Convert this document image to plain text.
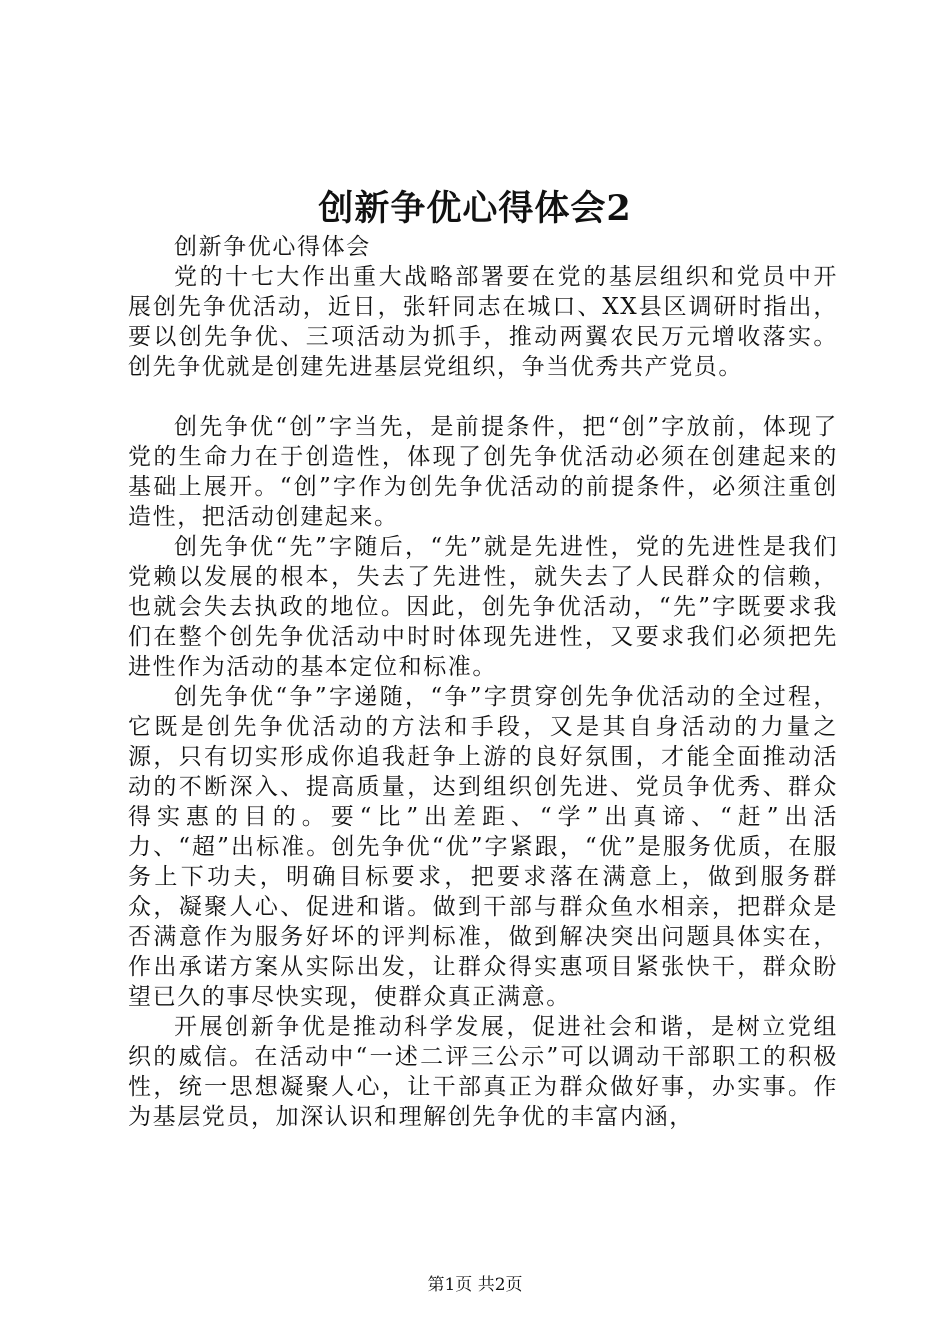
创新争优心得体会2

创新争优心得体会

党的十七大作出重大战略部署要在党的基层组织和党员中开展创先争优活动，近日，张轩同志在城口、XX县区调研时指出，要以创先争优、三项活动为抓手，推动两翼农民万元增收落实。创先争优就是创建先进基层党组织，争当优秀共产党员。

创先争优“创”字当先，是前提条件，把“创”字放前，体现了党的生命力在于创造性，体现了创先争优活动必须在创建起来的基础上展开。“创”字作为创先争优活动的前提条件，必须注重创造性，把活动创建起来。

创先争优“先”字随后，“先”就是先进性，党的先进性是我们党赖以发展的根本，失去了先进性，就失去了人民群众的信赖，也就会失去执政的地位。因此，创先争优活动，“先”字既要求我们在整个创先争优活动中时时体现先进性，又要求我们必须把先进性作为活动的基本定位和标准。

创先争优“争”字递随，“争”字贯穿创先争优活动的全过程，它既是创先争优活动的方法和手段，又是其自身活动的力量之源，只有切实形成你追我赶争上游的良好氛围，才能全面推动活动的不断深入、提高质量，达到组织创先进、党员争优秀、群众得实惠的目的。要“比”出差距、“学”出真谛、“赶”出活力、“超”出标准。创先争优“优”字紧跟，“优”是服务优质，在服务上下功夫，明确目标要求，把要求落在满意上，做到服务群众，凝聚人心、促进和谐。做到干部与群众鱼水相亲，把群众是否满意作为服务好坏的评判标准，做到解决突出问题具体实在，作出承诺方案从实际出发，让群众得实惠项目紧张快干，群众盼望已久的事尽快实现，使群众真正满意。

开展创新争优是推动科学发展，促进社会和谐，是树立党组织的威信。在活动中“一述二评三公示”可以调动干部职工的积极性，统一思想凝聚人心，让干部真正为群众做好事，办实事。作为基层党员，加深认识和理解创先争优的丰富内涵，

第1页 共2页
